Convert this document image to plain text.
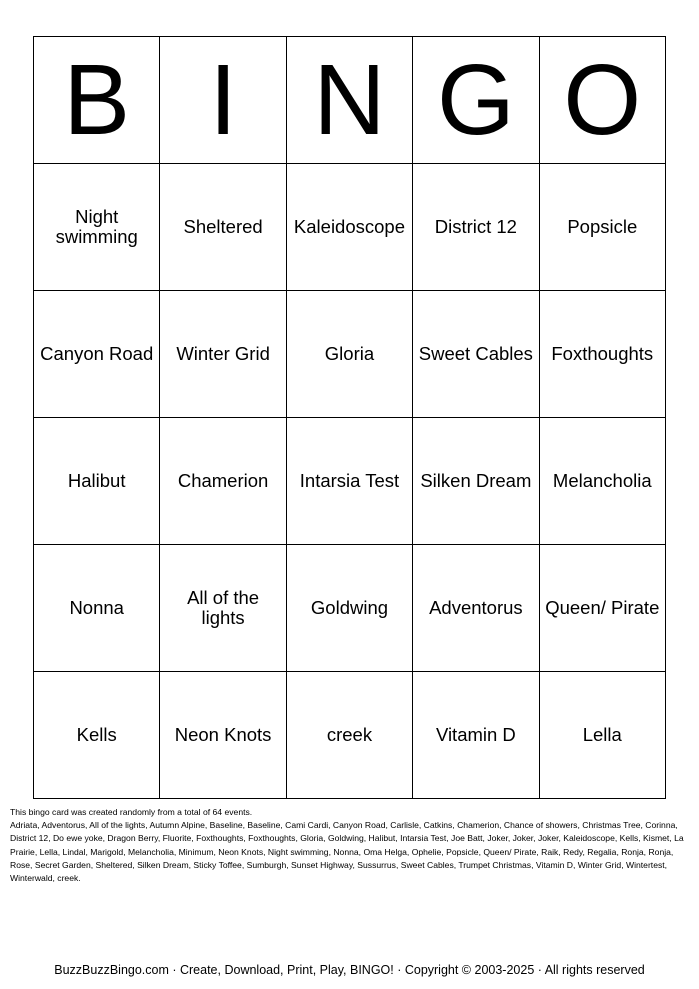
B	I	N	G	O
Night swimming	Sheltered	Kaleidoscope	District 12	Popsicle
Canyon Road	Winter Grid	Gloria	Sweet Cables	Foxthoughts
Halibut	Chamerion	Intarsia Test	Silken Dream	Melancholia
Nonna	All of the lights	Goldwing	Adventorus	Queen/ Pirate
Kells	Neon Knots	creek	Vitamin D	Lella

This bingo card was created randomly from a total of 64 events.

Adriata, Adventorus, All of the lights, Autumn Alpine, Baseline, Baseline, Cami Cardi, Canyon Road, Carlisle, Catkins, Chamerion, Chance of showers, Christmas Tree, Corinna, District 12, Do ewe yoke, Dragon Berry, Fluorite, Foxthoughts, Foxthoughts, Gloria, Goldwing, Halibut, Intarsia Test, Joe Batt, Joker, Joker, Joker, Kaleidoscope, Kells, Kismet, La Prairie, Lella, Lindal, Marigold, Melancholia, Minimum, Neon Knots, Night swimming, Nonna, Oma Helga, Ophelie, Popsicle, Queen/ Pirate, Raik, Redy, Regalia, Ronja, Ronja, Rose, Secret Garden, Sheltered, Silken Dream, Sticky Toffee, Sumburgh, Sunset Highway, Sussurrus, Sweet Cables, Trumpet Christmas, Vitamin D, Winter Grid, Wintertest, Winterwald, creek.

BuzzBuzzBingo.com · Create, Download, Print, Play, BINGO! · Copyright © 2003-2025 · All rights reserved
